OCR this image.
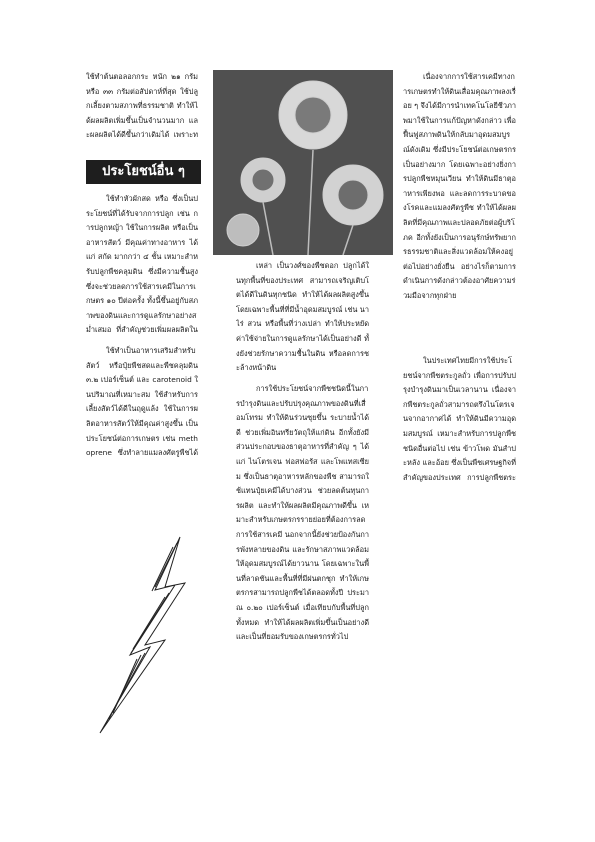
ใช้ทำต้นตอลอกกระ หนัก ๒๑ กรัม หรือ ๓๓ กรัมต่อสัปดาห์ที่สุด ใช้ปลูกเลี้ยงตามสภาพที่ธรรมชาติ ทำให้ได้ผลผลิตเพิ่มขึ้นเป็นจำนวนมาก และผลผลิตได้ดีขึ้นกว่าเดิมได้ เพราะ

ประโยชน์อื่น ๆ

ใช้ทำหัวผักสด หรือ ซึ่งเป็นประโยชน์ที่ได้รับจากการปลูก เช่น การปลูกหญ้า ใช้ในการผลิต หรือเป็นอาหารสัตว์ มีคุณค่าทางอาหาร ได้แก่ สกัด มากกว่า ๔ ชั้น เหมาะสำหรับปลูกพืชคลุมดิน ซึ่งมีความชื้นสูง ซึ่งจะช่วยลดการใช้สารเคมีในการเกษตร ๑๐ ปีต่อครั้ง ทั้งนี้ขึ้นอยู่กับสภาพของดินและการดูแลรักษาอย่างสม่ำเสมอ ที่สำคัญช่วยเพิ่มผลผลิตใน

ใช้ทำเป็นอาหารเสริมสำหรับสัตว์ หรือปุ๋ยพืชสดและพืชคลุมดิน ๓.๒ เปอร์เซ็นต์ และ carotenoid ในปริมาณที่เหมาะสม ใช้สำหรับการเลี้ยงสัตว์ได้ดีในฤดูแล้ง ใช้ในการผลิตอาหารสัตว์ให้มีคุณค่าสูงขึ้น เป็นประโยชน์ต่อการเกษตร เช่น methoprene ซึ่งทำลายแมลงศัตรูพืชได้

เหล่า เป็นวงศ์ของพืชดอก ปลูกได้ในทุกพื้นที่ของประเทศ สามารถเจริญเติบโตได้ดีในดินทุกชนิด ทำให้ได้ผลผลิตสูงขึ้น โดยเฉพาะพื้นที่ที่มีน้ำอุดมสมบูรณ์ เช่น นา ไร่ สวน หรือพื้นที่ว่างเปล่า ทำให้ประหยัดค่าใช้จ่ายในการดูแลรักษาได้เป็นอย่างดี ทั้งยังช่วยรักษาความชื้นในดิน หรือลดการชะล้างหน้าดิน

การใช้ประโยชน์จากพืชชนิดนี้ในการบำรุงดินและปรับปรุงคุณภาพของดินที่เสื่อมโทรม ทำให้ดินร่วนซุยขึ้น ระบายน้ำได้ดี ช่วยเพิ่มอินทรียวัตถุให้แก่ดิน อีกทั้งยังมีส่วนประกอบของธาตุอาหารที่สำคัญ ๆ ได้แก่ ไนโตรเจน ฟอสฟอรัส และโพแทสเซียม ซึ่งเป็นธาตุอาหารหลักของพืช สามารถใช้แทนปุ๋ยเคมีได้บางส่วน ช่วยลดต้นทุนการผลิต และทำให้ผลผลิตมีคุณภาพดีขึ้น เหมาะสำหรับเกษตรกรรายย่อยที่ต้องการลดการใช้สารเคมี นอกจากนี้ยังช่วยป้องกันการพังทลายของดิน และรักษาสภาพแวดล้อมให้อุดมสมบูรณ์ได้ยาวนาน โดยเฉพาะในพื้นที่ลาดชันและพื้นที่ที่มีฝนตกชุก ทำให้เกษตรกรสามารถปลูกพืชได้ตลอดทั้งปี ประมาณ ๐.๒๐ เปอร์เซ็นต์ เมื่อเทียบกับพื้นที่ปลูกทั้งหมด ทำให้ได้ผลผลิตเพิ่มขึ้นเป็นอย่างดี และเป็นที่ยอมรับของเกษตรกรทั่วไป

เนื่องจากการใช้สารเคมีทางการเกษตรทำให้ดินเสื่อมคุณภาพลงเรื่อย ๆ จึงได้มีการนำเทคโนโลยีชีวภาพมาใช้ในการแก้ปัญหาดังกล่าว เพื่อฟื้นฟูสภาพดินให้กลับมาอุดมสมบูรณ์ดังเดิม ซึ่งมีประโยชน์ต่อเกษตรกรเป็นอย่างมาก โดยเฉพาะอย่างยิ่งการปลูกพืชหมุนเวียน ทำให้ดินมีธาตุอาหารเพียงพอ และลดการระบาดของโรคและแมลงศัตรูพืช ทำให้ได้ผลผลิตที่มีคุณภาพและปลอดภัยต่อผู้บริโภค อีกทั้งยังเป็นการอนุรักษ์ทรัพยากรธรรมชาติและสิ่งแวดล้อมให้คงอยู่ต่อไปอย่างยั่งยืน อย่างไรก็ตามการดำเนินการดังกล่าวต้องอาศัยความร่วมมือจากทุกฝ่าย

ในประเทศไทยมีการใช้ประโยชน์จากพืชตระกูลถั่ว เพื่อการปรับปรุงบำรุงดินมาเป็นเวลานาน เนื่องจากพืชตระกูลถั่วสามารถตรึงไนโตรเจนจากอากาศได้ ทำให้ดินมีความอุดมสมบูรณ์ เหมาะสำหรับการปลูกพืชชนิดอื่นต่อไป เช่น ข้าวโพด มันสำปะหลัง และอ้อย ซึ่งเป็นพืชเศรษฐกิจที่สำคัญของประเทศ การปลูกพืชตระ
